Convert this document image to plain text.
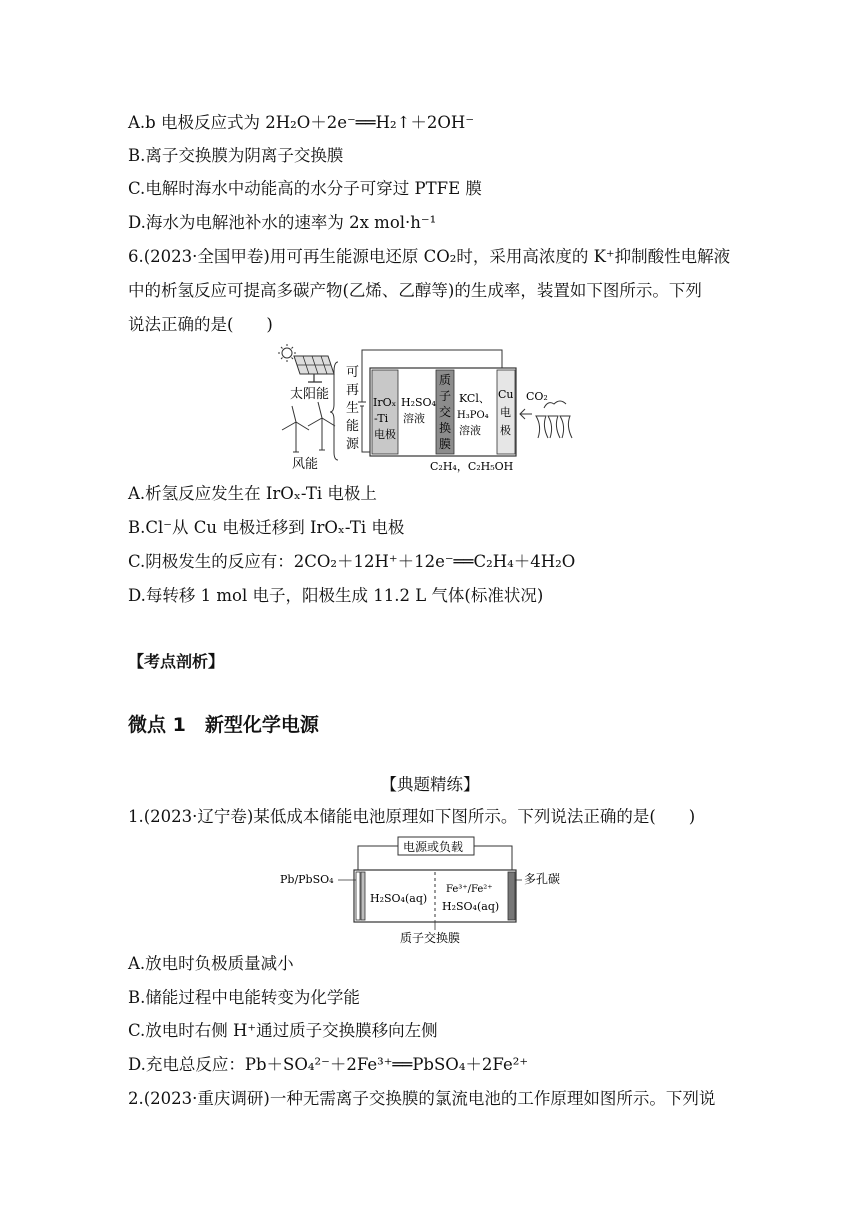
A.b 电极反应式为 2H₂O＋2e⁻══H₂↑＋2OH⁻
B.离子交换膜为阴离子交换膜
C.电解时海水中动能高的水分子可穿过 PTFE 膜
D.海水为电解池补水的速率为 2x mol·h⁻¹
6.(2023·全国甲卷)用可再生能源电还原 CO₂时，采用高浓度的 K⁺抑制酸性电解液
中的析氢反应可提高多碳产物(乙烯、乙醇等)的生成率，装置如下图所示。下列
说法正确的是(　　)
太阳能
风能
可
再
生
能
源
IrOₓ
-Ti
电极
H₂SO₄
溶液
质
子
交
换
膜
KCl、
H₃PO₄
溶液
Cu
电
极
CO₂
C₂H₄，C₂H₅OH
A.析氢反应发生在 IrOₓ-Ti 电极上
B.Cl⁻从 Cu 电极迁移到 IrOₓ-Ti 电极
C.阴极发生的反应有：2CO₂＋12H⁺＋12e⁻══C₂H₄＋4H₂O
D.每转移 1 mol 电子，阳极生成 11.2 L 气体(标准状况)
【考点剖析】
微点 1　新型化学电源
【典题精练】
1.(2023·辽宁卷)某低成本储能电池原理如下图所示。下列说法正确的是(　　)
电源或负载
Pb/PbSO₄	多孔碳
H₂SO₄(aq)
Fe³⁺/Fe²⁺
H₂SO₄(aq)
质子交换膜
A.放电时负极质量减小
B.储能过程中电能转变为化学能
C.放电时右侧 H⁺通过质子交换膜移向左侧
D.充电总反应：Pb＋SO₄²⁻＋2Fe³⁺══PbSO₄＋2Fe²⁺
2.(2023·重庆调研)一种无需离子交换膜的氯流电池的工作原理如图所示。下列说
